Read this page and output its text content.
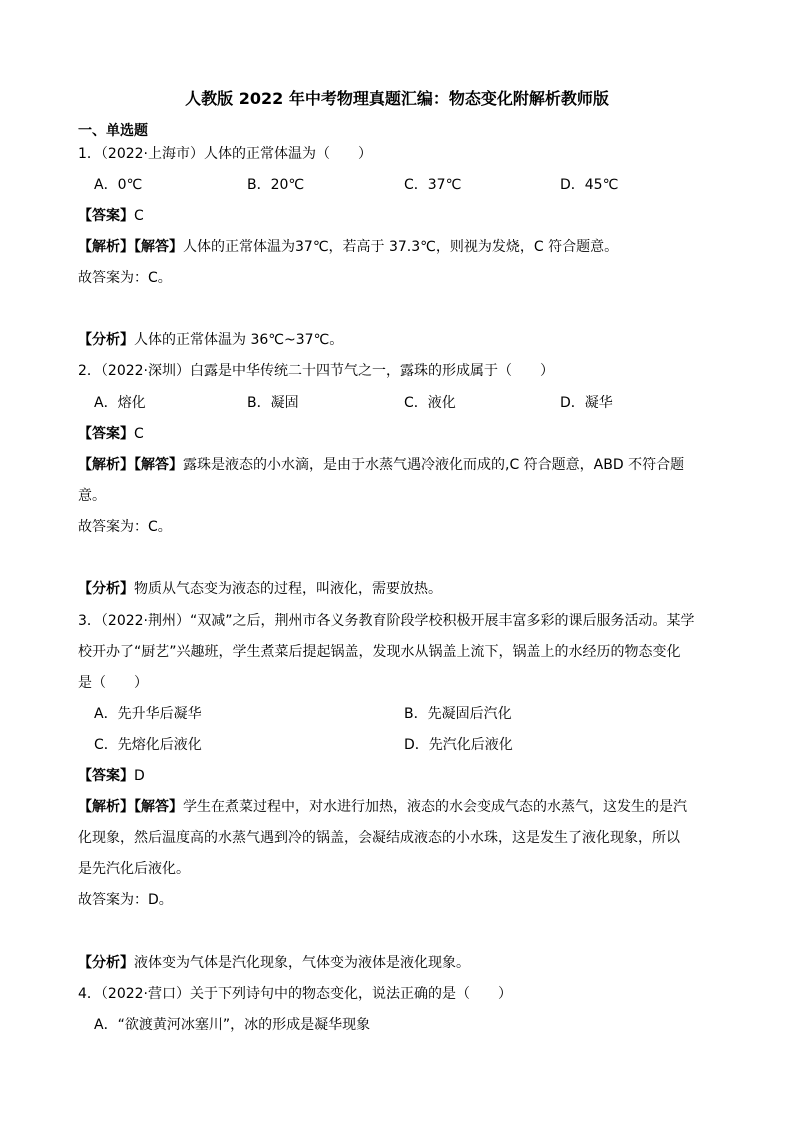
人教版 2022 年中考物理真题汇编：物态变化附解析教师版
一、单选题
1．（2022·上海市）人体的正常体温为（　　）
A．0℃	B．20℃	C．37℃	D．45℃
【答案】C
【解析】【解答】人体的正常体温为37℃，若高于 37.3℃，则视为发烧，C 符合题意。
故答案为：C。
【分析】人体的正常体温为 36℃~37℃。
2．（2022·深圳）白露是中华传统二十四节气之一，露珠的形成属于（　　）
A．熔化	B．凝固	C．液化	D．凝华
【答案】C
【解析】【解答】露珠是液态的小水滴，是由于水蒸气遇冷液化而成的,C 符合题意，ABD 不符合题
意。
故答案为：C。
【分析】物质从气态变为液态的过程，叫液化，需要放热。
3．（2022·荆州）“双减”之后，荆州市各义务教育阶段学校积极开展丰富多彩的课后服务活动。某学
校开办了“厨艺”兴趣班，学生煮菜后提起锅盖，发现水从锅盖上流下，锅盖上的水经历的物态变化
是（　　）
A．先升华后凝华	B．先凝固后汽化
C．先熔化后液化	D．先汽化后液化
【答案】D
【解析】【解答】学生在煮菜过程中，对水进行加热，液态的水会变成气态的水蒸气，这发生的是汽
化现象，然后温度高的水蒸气遇到冷的锅盖，会凝结成液态的小水珠，这是发生了液化现象，所以
是先汽化后液化。
故答案为：D。
【分析】液体变为气体是汽化现象，气体变为液体是液化现象。
4．（2022·营口）关于下列诗句中的物态变化，说法正确的是（　　）
A．“欲渡黄河冰塞川”，冰的形成是凝华现象
